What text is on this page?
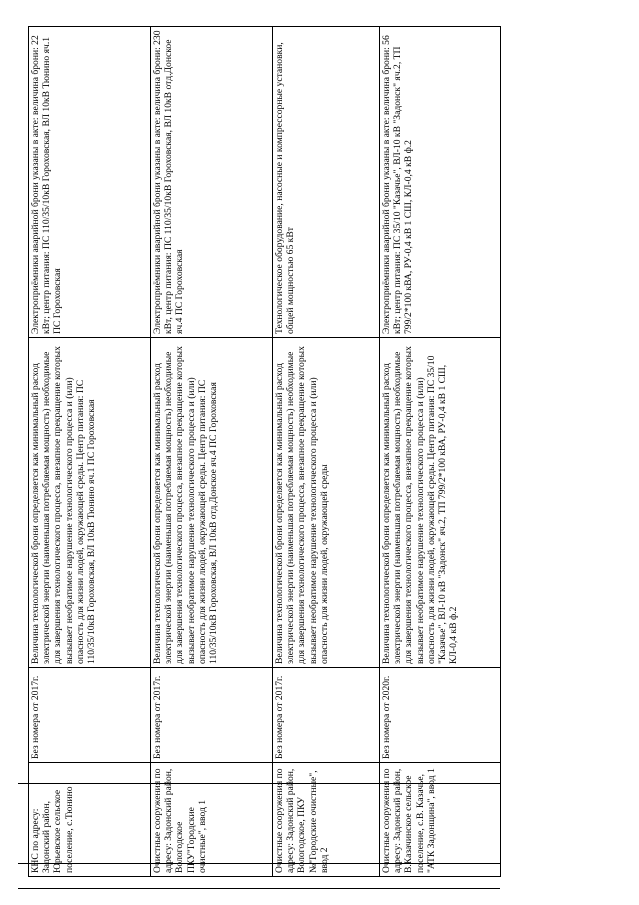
КНС по адресу: Задонский район, Юрьевское сельское поселение, с.Тюнино	Без номера от 2017г.	Величина технологической брони определяется как минимальный расход электрической энергии (наименьшая потребляемая мощность) необходимые для завершения технологического процесса, внезапное прекращение которых вызывает необратимое нарушение технологического процесса и (или) опасность для жизни людей, окружающей среды. Центр питания: ПС 110/35/10кВ Гороховская, ВЛ 10кВ Тюнино яч.1 ПС Гороховская	Электроприёмники аварийной брони указаны в акте: величина брони: 22 кВт; центр питания: ПС 110/35/10кВ Гороховская, ВЛ 10кВ Тюнино яч.1 ПС Гороховская
Очистные сооружения по адресу: Задонский район, Вологодское ПКУ"Городские очистные", ввод 1	Без номера от 2017г.	Величина технологической брони определяется как минимальный расход электрической энергии (наименьшая потребляемая мощность) необходимые для завершения технологического процесса, внезапное прекращение которых вызывает необратимое нарушение технологического процесса и (или) опасность для жизни людей, окружающей среды. Центр питания: ПС 110/35/10кВ Гороховская, ВЛ 10кВ отд.Донское яч.4 ПС Гороховская	Электроприёмники аварийной брони указаны в акте: величина брони: 230 кВт, центр питания: ПС 110/35/10кВ Гороховская, ВЛ 10кВ отд.Донское яч.4 ПС Гороховская
Очистные сооружения по адресу: Задонский район, Вологодское, ПКУ №"Городские очистные", ввод 2	Без номера от 2017г.	Величина технологической брони определяется как минимальный расход электрической энергии (наименьшая потребляемая мощность) необходимые для завершения технологического процесса, внезапное прекращение которых вызывает необратимое нарушение технологического процесса и (или) опасность для жизни людей, окружающей среды	Технологическое оборудование, насосные и компрессорные установки, общей мощностью 65 кВт
Очистные сооружения по адресу: Задонский район, В.Казачинское сельское поселение, с.В. Казачье, "АТК Задонщина", ввод 1	Без номера от 2020г.	Величина технологической брони определяется как минимальный расход электрической энергии (наименьшая потребляемая мощность) необходимые для завершения технологического процесса, внезапное прекращение которых вызывает необратимое нарушение технологического процесса и (или) опасность для жизни людей, окружающей среды. Центр питания: ПС 35/10 "Казачье", ВЛ-10 кВ "Задонск" яч.2, ТП 799/2*100 кВА, РУ-0,4 кВ 1 СШ, КЛ-0,4 кВ ф.2	Электроприёмники аварийной брони указаны в акте: величина брони: 56 кВт; центр питания: ПС 35/10 "Казачье", ВЛ-10 кВ "Задонск" яч.2, ТП 799/2*100 кВА, РУ-0,4 кВ 1 СШ, КЛ-0,4 кВ ф.2
